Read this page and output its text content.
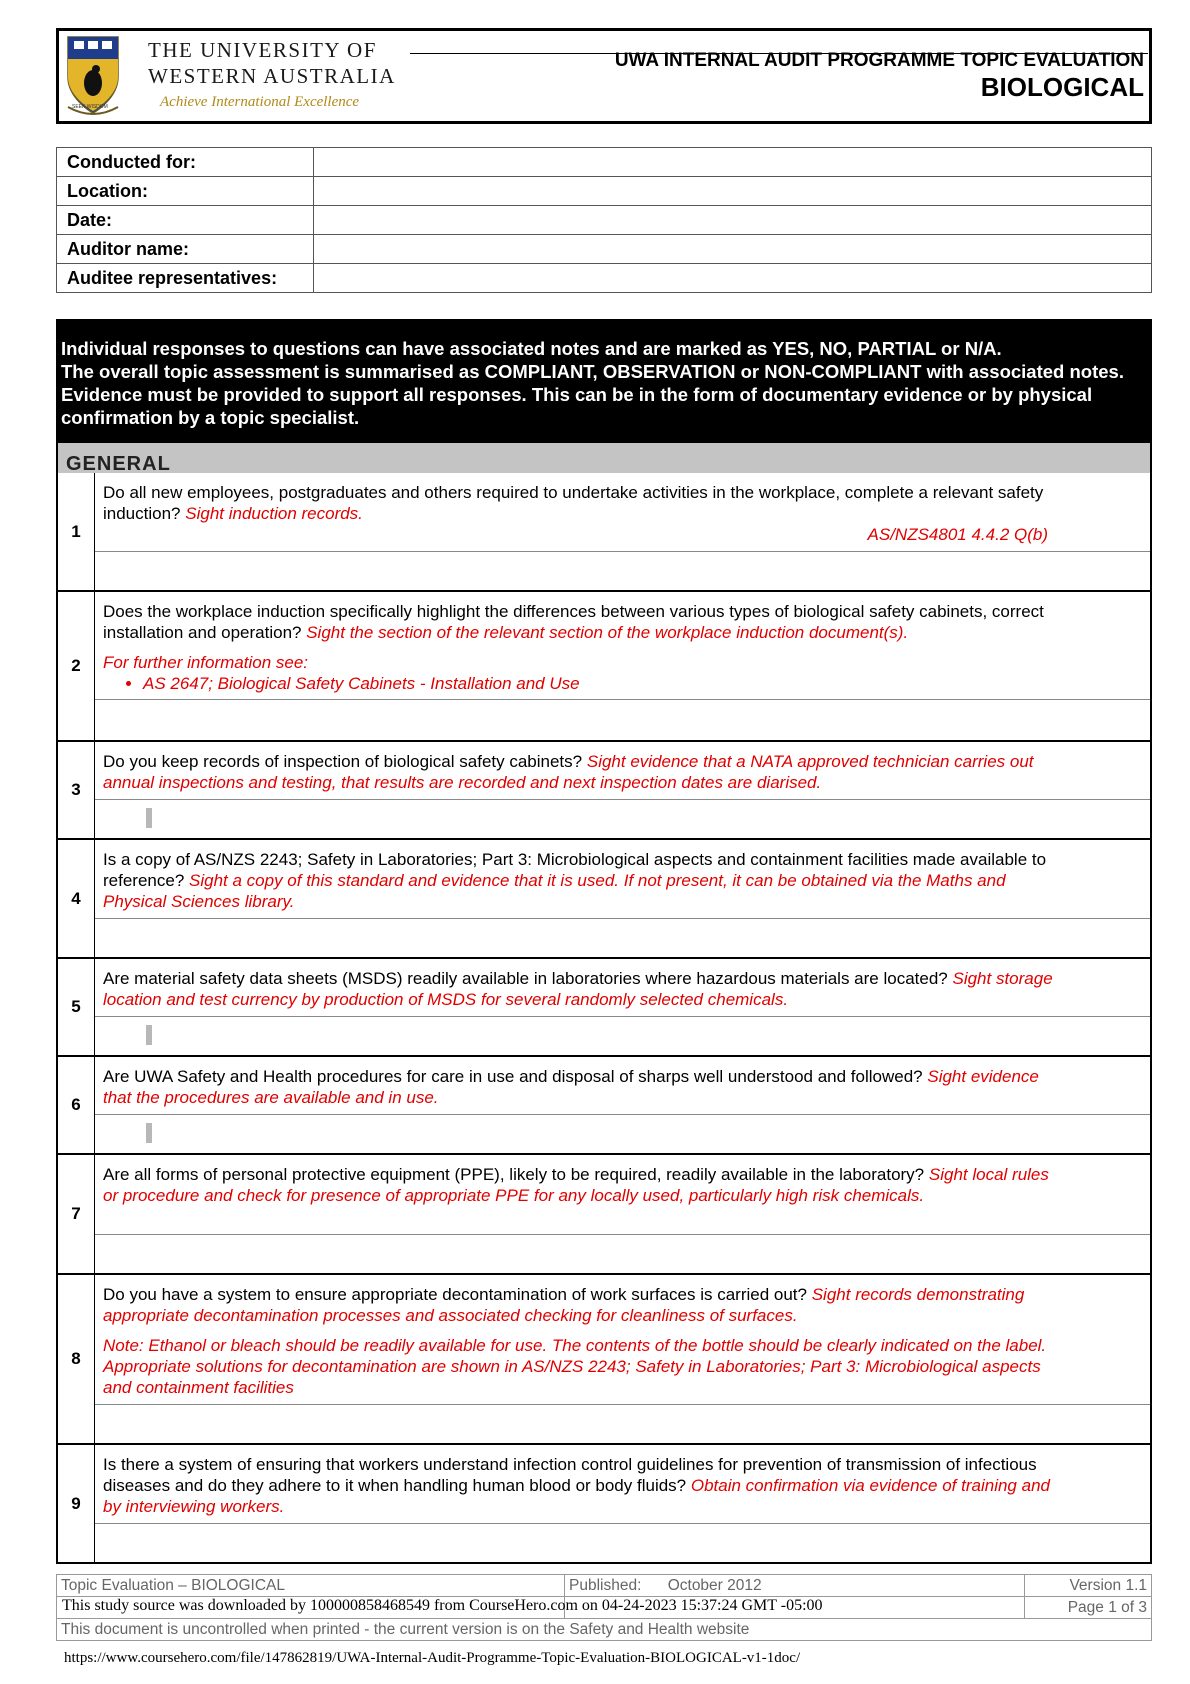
THE UNIVERSITY OF
WESTERN AUSTRALIA
Achieve International Excellence
SEEK WISDOM
UWA INTERNAL AUDIT PROGRAMME TOPIC EVALUATION
BIOLOGICAL
Conducted for:	
Location:	
Date:	
Auditor name:	
Auditee representatives:	
Individual responses to questions can have associated notes and are marked as YES, NO, PARTIAL or N/A.
The overall topic assessment is summarised as COMPLIANT, OBSERVATION or NON-COMPLIANT with associated notes. Evidence must be provided to support all responses. This can be in the form of documentary evidence or by physical confirmation by a topic specialist.
GENERAL
1

Do all new employees, postgraduates and others required to undertake activities in the workplace, complete a relevant safety induction? Sight induction records.

AS/NZS4801 4.4.2 Q(b)
2

Does the workplace induction specifically highlight the differences between various types of biological safety cabinets, correct installation and operation? Sight the section of the relevant section of the workplace induction document(s).

For further information see:

• AS 2647; Biological Safety Cabinets - Installation and Use
3

Do you keep records of inspection of biological safety cabinets? Sight evidence that a NATA approved technician carries out annual inspections and testing, that results are recorded and next inspection dates are diarised.

4

Is a copy of AS/NZS 2243; Safety in Laboratories; Part 3: Microbiological aspects and containment facilities made available to reference? Sight a copy of this standard and evidence that it is used. If not present, it can be obtained via the Maths and Physical Sciences library.

5

Are material safety data sheets (MSDS) readily available in laboratories where hazardous materials are located? Sight storage location and test currency by production of MSDS for several randomly selected chemicals.

6

Are UWA Safety and Health procedures for care in use and disposal of sharps well understood and followed? Sight evidence that the procedures are available and in use.

7

Are all forms of personal protective equipment (PPE), likely to be required, readily available in the laboratory? Sight local rules or procedure and check for presence of appropriate PPE for any locally used, particularly high risk chemicals.

8

Do you have a system to ensure appropriate decontamination of work surfaces is carried out? Sight records demonstrating appropriate decontamination processes and associated checking for cleanliness of surfaces.

Note: Ethanol or bleach should be readily available for use. The contents of the bottle should be clearly indicated on the label. Appropriate solutions for decontamination are shown in AS/NZS 2243; Safety in Laboratories; Part 3: Microbiological aspects and containment facilities

9

Is there a system of ensuring that workers understand infection control guidelines for prevention of transmission of infectious diseases and do they adhere to it when handling human blood or body fluids? Obtain confirmation via evidence of training and by interviewing workers.

Topic Evaluation – BIOLOGICAL	Published: October 2012	Version 1.1
		Page 1 of 3
This document is uncontrolled when printed - the current version is on the Safety and Health website		
This study source was downloaded by 100000858468549 from CourseHero.com on 04-24-2023 15:37:24 GMT -05:00
https://www.coursehero.com/file/147862819/UWA-Internal-Audit-Programme-Topic-Evaluation-BIOLOGICAL-v1-1doc/
